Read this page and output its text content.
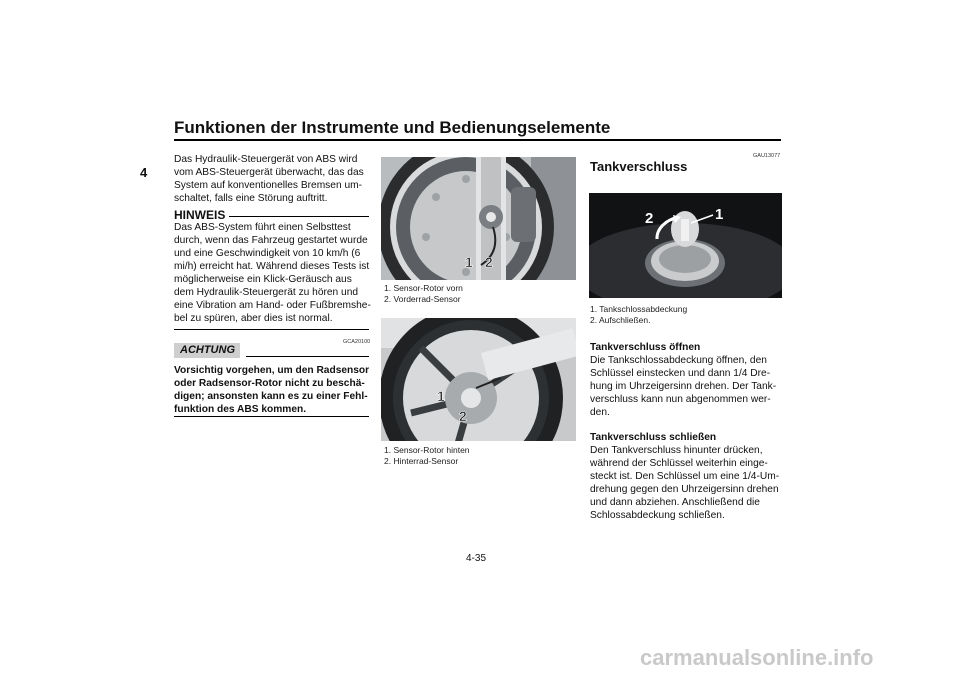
Funktionen der Instrumente und Bedienungselemente
4
Das Hydraulik-Steuergerät von ABS wird
vom ABS-Steuergerät überwacht, das das
System auf konventionelles Bremsen um-
schaltet, falls eine Störung auftritt.
HINWEIS
Das ABS-System führt einen Selbsttest
durch, wenn das Fahrzeug gestartet wurde
und eine Geschwindigkeit von 10 km/h (6
mi/h) erreicht hat. Während dieses Tests ist
möglicherweise ein Klick-Geräusch aus
dem Hydraulik-Steuergerät zu hören und
eine Vibration am Hand- oder Fußbremshe-
bel zu spüren, aber dies ist normal.
GCA20100
ACHTUNG
Vorsichtig vorgehen, um den Radsensor
oder Radsensor-Rotor nicht zu beschä-
digen; ansonsten kann es zu einer Fehl-
funktion des ABS kommen.
1 2
1. Sensor-Rotor vorn
2. Vorderrad-Sensor
1
2
1. Sensor-Rotor hinten
2. Hinterrad-Sensor
GAU13077
Tankverschluss
2	1
1. Tankschlossabdeckung
2. Aufschließen.
Tankverschluss öffnen
Die Tankschlossabdeckung öffnen, den
Schlüssel einstecken und dann 1/4 Dre-
hung im Uhrzeigersinn drehen. Der Tank-
verschluss kann nun abgenommen wer-
den.
Tankverschluss schließen
Den Tankverschluss hinunter drücken,
während der Schlüssel weiterhin einge-
steckt ist. Den Schlüssel um eine 1/4-Um-
drehung gegen den Uhrzeigersinn drehen
und dann abziehen. Anschließend die
Schlossabdeckung schließen.
4-35
carmanualsonline.info
